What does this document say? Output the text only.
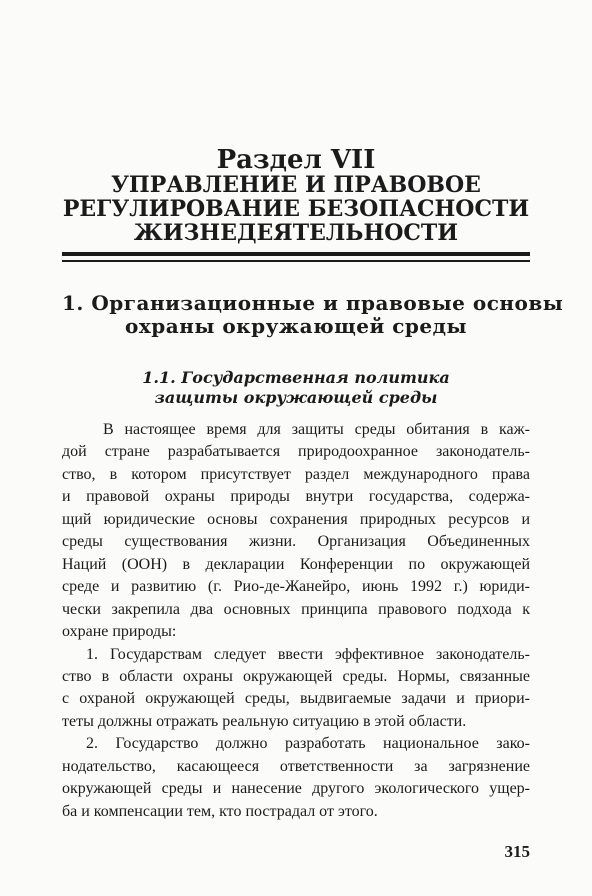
Раздел VII
УПРАВЛЕНИЕ И ПРАВОВОЕ
РЕГУЛИРОВАНИЕ БЕЗОПАСНОСТИ
ЖИЗНЕДЕЯТЕЛЬНОСТИ
1. Организационные и правовые основы
охраны окружающей среды
1.1. Государственная политика
защиты окружающей среды
В настоящее время для защиты среды обитания в каж-
дой стране разрабатывается природоохранное законодатель-
ство, в котором присутствует раздел международного права
и правовой охраны природы внутри государства, содержа-
щий юридические основы сохранения природных ресурсов и
среды существования жизни. Организация Объединенных
Наций (ООН) в декларации Конференции по окружающей
среде и развитию (г. Рио-де-Жанейро, июнь 1992 г.) юриди-
чески закрепила два основных принципа правового подхода к
охране природы:
1. Государствам следует ввести эффективное законодатель-
ство в области охраны окружающей среды. Нормы, связанные
с охраной окружающей среды, выдвигаемые задачи и приори-
теты должны отражать реальную ситуацию в этой области.
2. Государство должно разработать национальное зако-
нодательство, касающееся ответственности за загрязнение
окружающей среды и нанесение другого экологического ущер-
ба и компенсации тем, кто пострадал от этого.
315
